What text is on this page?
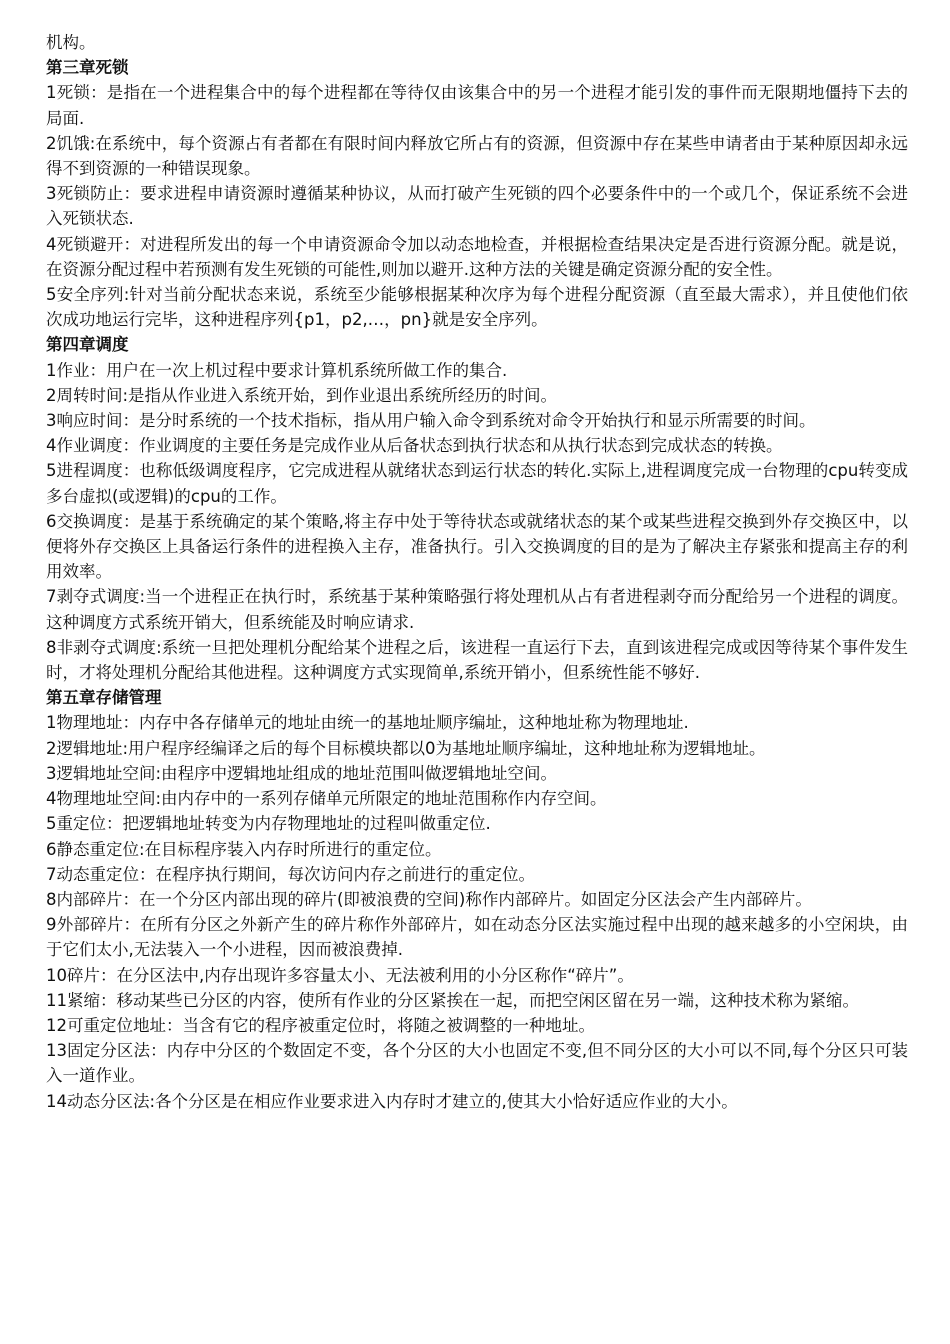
机构。

第三章死锁

1死锁：是指在一个进程集合中的每个进程都在等待仅由该集合中的另一个进程才能引发的事件而无限期地僵持下去的局面.

2饥饿:在系统中，每个资源占有者都在有限时间内释放它所占有的资源，但资源中存在某些申请者由于某种原因却永远得不到资源的一种错误现象。

3死锁防止：要求进程申请资源时遵循某种协议，从而打破产生死锁的四个必要条件中的一个或几个，保证系统不会进入死锁状态.

4死锁避开：对进程所发出的每一个申请资源命令加以动态地检查，并根据检查结果决定是否进行资源分配。就是说，在资源分配过程中若预测有发生死锁的可能性,则加以避开.这种方法的关键是确定资源分配的安全性。

5安全序列:针对当前分配状态来说，系统至少能够根据某种次序为每个进程分配资源（直至最大需求），并且使他们依次成功地运行完毕，这种进程序列{p1，p2,…，pn}就是安全序列。

第四章调度

1作业：用户在一次上机过程中要求计算机系统所做工作的集合.

2周转时间:是指从作业进入系统开始，到作业退出系统所经历的时间。

3响应时间：是分时系统的一个技术指标，指从用户输入命令到系统对命令开始执行和显示所需要的时间。

4作业调度：作业调度的主要任务是完成作业从后备状态到执行状态和从执行状态到完成状态的转换。

5进程调度：也称低级调度程序，它完成进程从就绪状态到运行状态的转化.实际上,进程调度完成一台物理的cpu转变成多台虚拟(或逻辑)的cpu的工作。

6交换调度：是基于系统确定的某个策略,将主存中处于等待状态或就绪状态的某个或某些进程交换到外存交换区中，以便将外存交换区上具备运行条件的进程换入主存，准备执行。引入交换调度的目的是为了解决主存紧张和提高主存的利用效率。

7剥夺式调度:当一个进程正在执行时，系统基于某种策略强行将处理机从占有者进程剥夺而分配给另一个进程的调度。这种调度方式系统开销大，但系统能及时响应请求.

8非剥夺式调度:系统一旦把处理机分配给某个进程之后，该进程一直运行下去，直到该进程完成或因等待某个事件发生时，才将处理机分配给其他进程。这种调度方式实现简单,系统开销小，但系统性能不够好.

第五章存储管理

1物理地址：内存中各存储单元的地址由统一的基地址顺序编址，这种地址称为物理地址.

2逻辑地址:用户程序经编译之后的每个目标模块都以0为基地址顺序编址，这种地址称为逻辑地址。

3逻辑地址空间:由程序中逻辑地址组成的地址范围叫做逻辑地址空间。

4物理地址空间:由内存中的一系列存储单元所限定的地址范围称作内存空间。

5重定位：把逻辑地址转变为内存物理地址的过程叫做重定位.

6静态重定位:在目标程序装入内存时所进行的重定位。

7动态重定位：在程序执行期间，每次访问内存之前进行的重定位。

8内部碎片：在一个分区内部出现的碎片(即被浪费的空间)称作内部碎片。如固定分区法会产生内部碎片。

9外部碎片：在所有分区之外新产生的碎片称作外部碎片，如在动态分区法实施过程中出现的越来越多的小空闲块，由于它们太小,无法装入一个小进程，因而被浪费掉.

10碎片：在分区法中,内存出现许多容量太小、无法被利用的小分区称作“碎片”。

11紧缩：移动某些已分区的内容，使所有作业的分区紧挨在一起，而把空闲区留在另一端，这种技术称为紧缩。

12可重定位地址：当含有它的程序被重定位时，将随之被调整的一种地址。

13固定分区法：内存中分区的个数固定不变，各个分区的大小也固定不变,但不同分区的大小可以不同,每个分区只可装入一道作业。

14动态分区法:各个分区是在相应作业要求进入内存时才建立的,使其大小恰好适应作业的大小。
